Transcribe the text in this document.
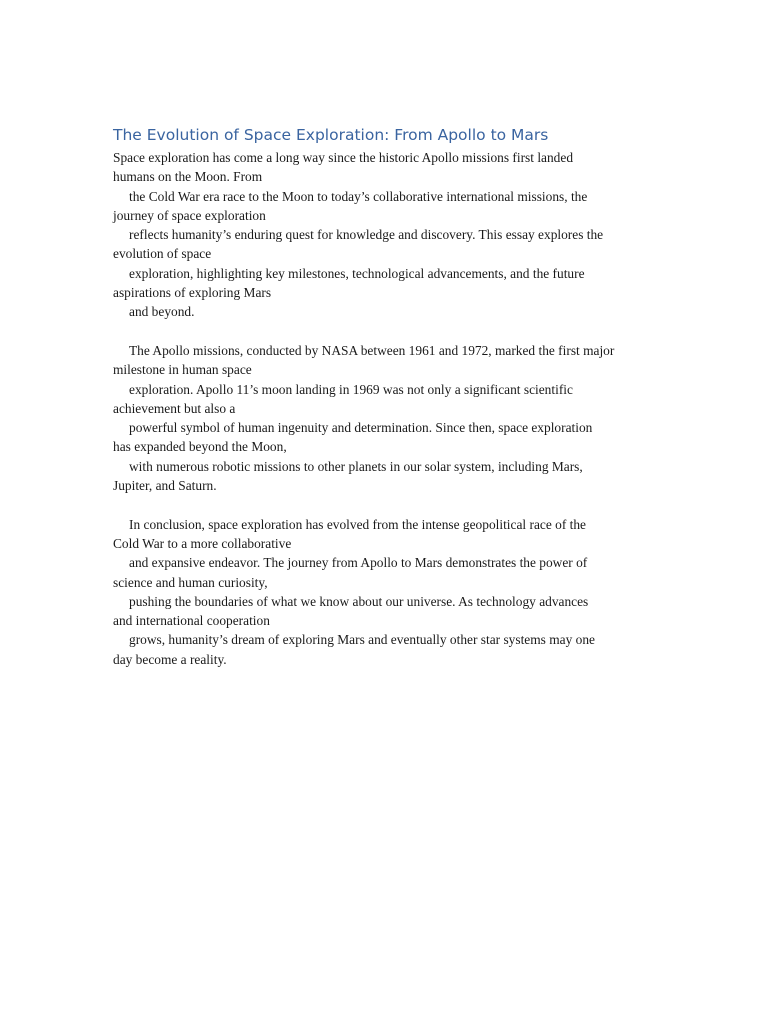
The Evolution of Space Exploration: From Apollo to Mars
Space exploration has come a long way since the historic Apollo missions first landed
humans on the Moon. From
the Cold War era race to the Moon to today’s collaborative international missions, the
journey of space exploration
reflects humanity’s enduring quest for knowledge and discovery. This essay explores the
evolution of space
exploration, highlighting key milestones, technological advancements, and the future
aspirations of exploring Mars
and beyond.
The Apollo missions, conducted by NASA between 1961 and 1972, marked the first major
milestone in human space
exploration. Apollo 11’s moon landing in 1969 was not only a significant scientific
achievement but also a
powerful symbol of human ingenuity and determination. Since then, space exploration
has expanded beyond the Moon,
with numerous robotic missions to other planets in our solar system, including Mars,
Jupiter, and Saturn.
In conclusion, space exploration has evolved from the intense geopolitical race of the
Cold War to a more collaborative
and expansive endeavor. The journey from Apollo to Mars demonstrates the power of
science and human curiosity,
pushing the boundaries of what we know about our universe. As technology advances
and international cooperation
grows, humanity’s dream of exploring Mars and eventually other star systems may one
day become a reality.
